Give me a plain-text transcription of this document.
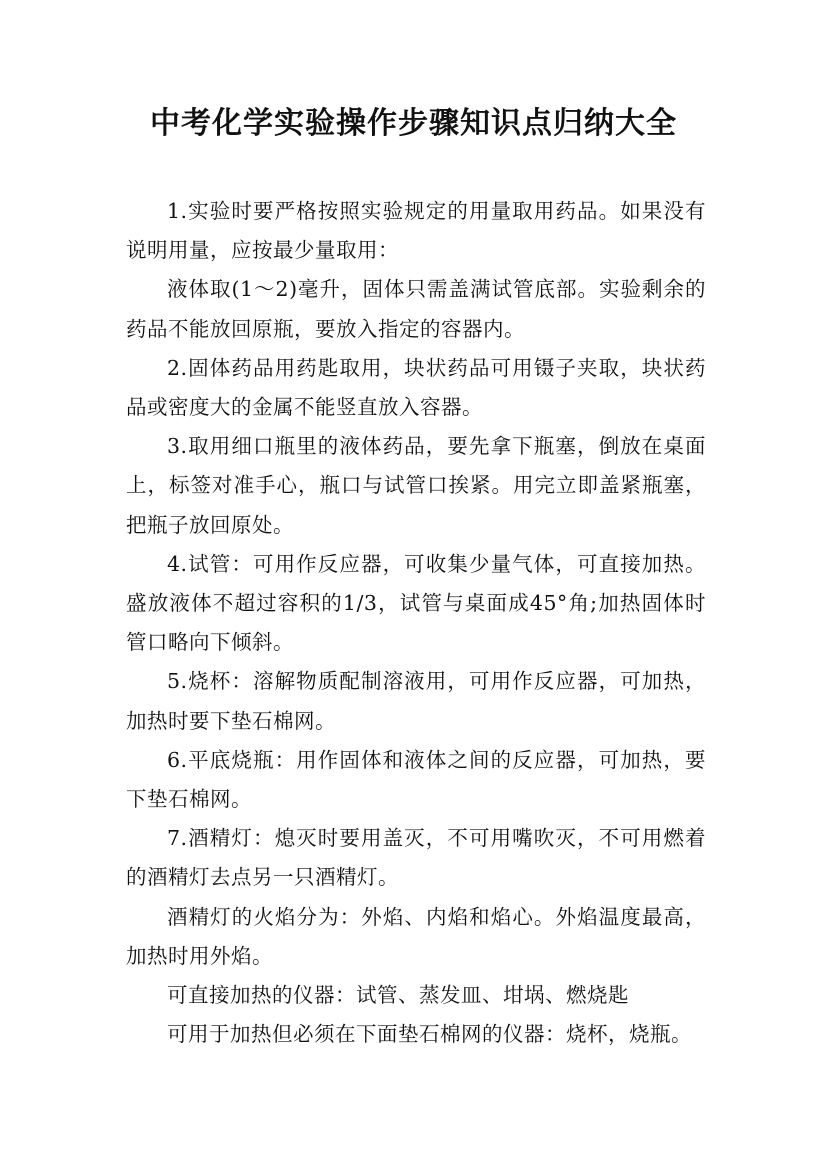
中考化学实验操作步骤知识点归纳大全

1.实验时要严格按照实验规定的用量取用药品。如果没有说明用量，应按最少量取用：

液体取(1～2)毫升，固体只需盖满试管底部。实验剩余的药品不能放回原瓶，要放入指定的容器内。

2.固体药品用药匙取用，块状药品可用镊子夹取，块状药品或密度大的金属不能竖直放入容器。

3.取用细口瓶里的液体药品，要先拿下瓶塞，倒放在桌面上，标签对准手心，瓶口与试管口挨紧。用完立即盖紧瓶塞，把瓶子放回原处。

4.试管：可用作反应器，可收集少量气体，可直接加热。盛放液体不超过容积的1/3，试管与桌面成45°角;加热固体时管口略向下倾斜。

5.烧杯：溶解物质配制溶液用，可用作反应器，可加热，加热时要下垫石棉网。

6.平底烧瓶：用作固体和液体之间的反应器，可加热，要下垫石棉网。

7.酒精灯：熄灭时要用盖灭，不可用嘴吹灭，不可用燃着的酒精灯去点另一只酒精灯。

酒精灯的火焰分为：外焰、内焰和焰心。外焰温度最高，加热时用外焰。

可直接加热的仪器：试管、蒸发皿、坩埚、燃烧匙

可用于加热但必须在下面垫石棉网的仪器：烧杯，烧瓶。
